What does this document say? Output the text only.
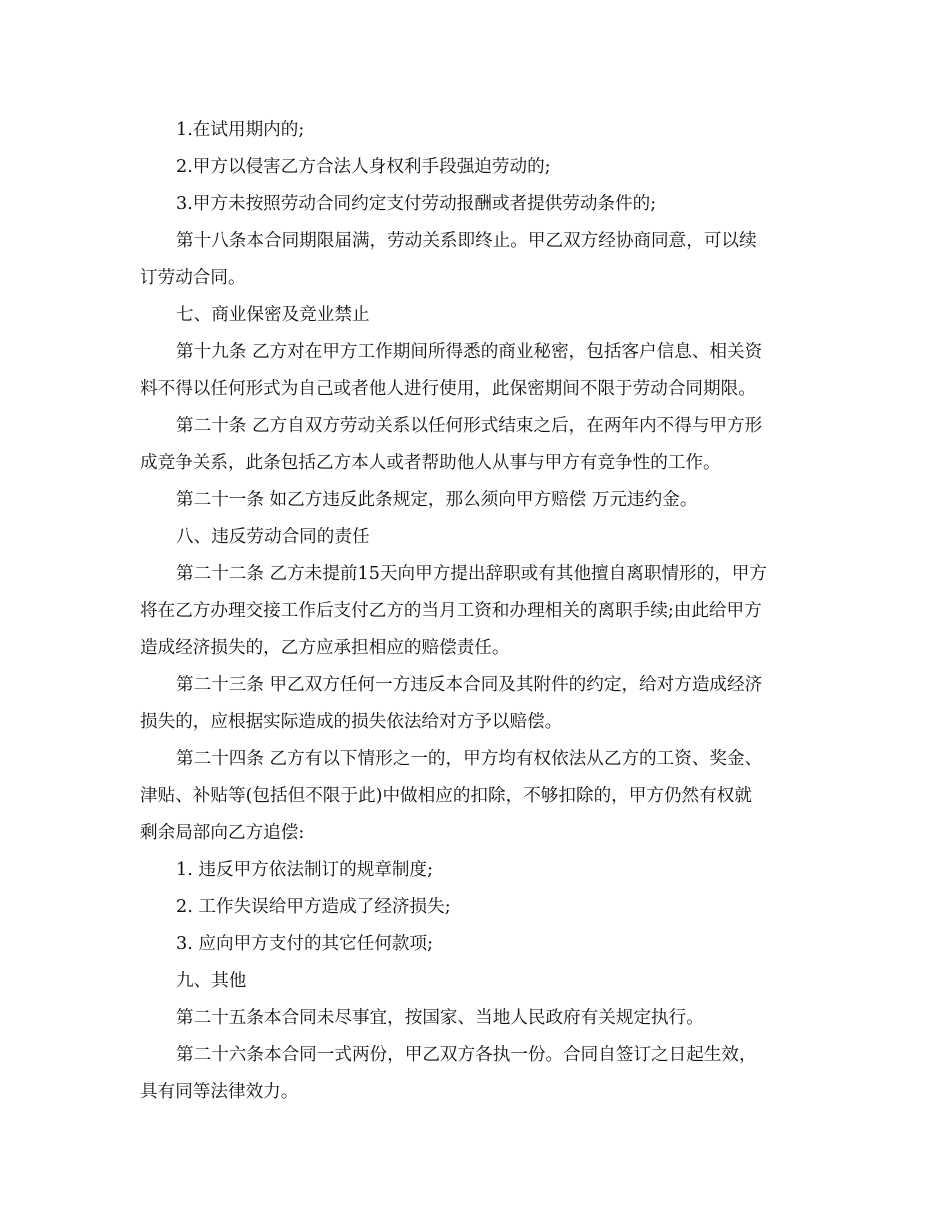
1.在试用期内的;
2.甲方以侵害乙方合法人身权利手段强迫劳动的;
3.甲方未按照劳动合同约定支付劳动报酬或者提供劳动条件的;
第十八条本合同期限届满，劳动关系即终止。甲乙双方经协商同意，可以续
订劳动合同。
七、商业保密及竞业禁止
第十九条 乙方对在甲方工作期间所得悉的商业秘密，包括客户信息、相关资
料不得以任何形式为自己或者他人进行使用，此保密期间不限于劳动合同期限。
第二十条 乙方自双方劳动关系以任何形式结束之后，在两年内不得与甲方形
成竞争关系，此条包括乙方本人或者帮助他人从事与甲方有竞争性的工作。
第二十一条 如乙方违反此条规定，那么须向甲方赔偿 万元违约金。
八、违反劳动合同的责任
第二十二条 乙方未提前15天向甲方提出辞职或有其他擅自离职情形的，甲方
将在乙方办理交接工作后支付乙方的当月工资和办理相关的离职手续;由此给甲方
造成经济损失的，乙方应承担相应的赔偿责任。
第二十三条 甲乙双方任何一方违反本合同及其附件的约定，给对方造成经济
损失的，应根据实际造成的损失依法给对方予以赔偿。
第二十四条 乙方有以下情形之一的，甲方均有权依法从乙方的工资、奖金、
津贴、补贴等(包括但不限于此)中做相应的扣除，不够扣除的，甲方仍然有权就
剩余局部向乙方追偿:
1. 违反甲方依法制订的规章制度;
2. 工作失误给甲方造成了经济损失;
3. 应向甲方支付的其它任何款项;
九、其他
第二十五条本合同未尽事宜，按国家、当地人民政府有关规定执行。
第二十六条本合同一式两份，甲乙双方各执一份。合同自签订之日起生效，
具有同等法律效力。
